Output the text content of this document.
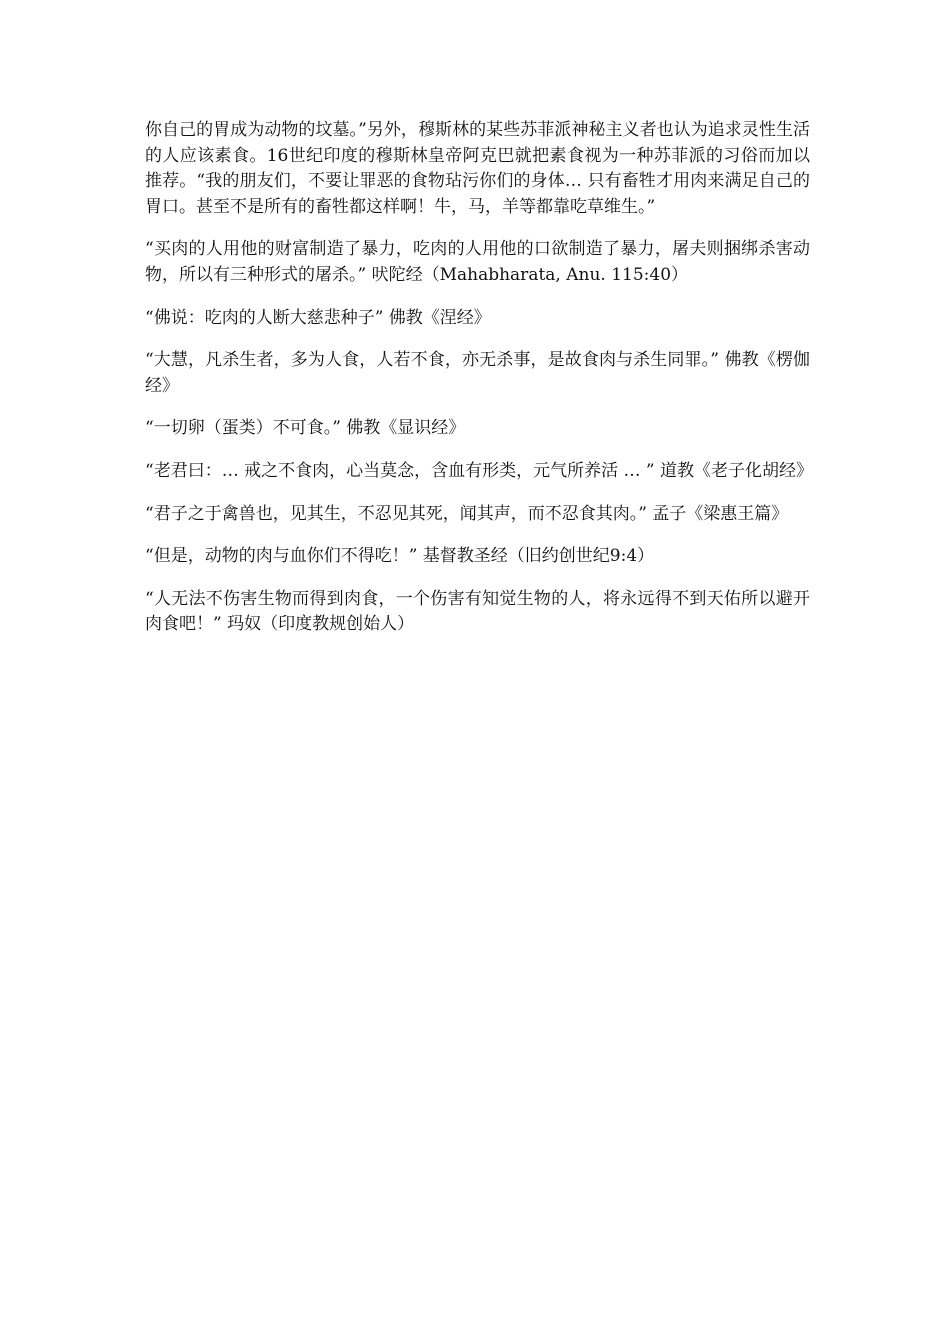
你自己的胃成为动物的坟墓。”另外，穆斯林的某些苏菲派神秘主义者也认为追求灵性生活的人应该素食。16世纪印度的穆斯林皇帝阿克巴就把素食视为一种苏菲派的习俗而加以推荐。“我的朋友们，不要让罪恶的食物玷污你们的身体… 只有畜牲才用肉来满足自己的胃口。甚至不是所有的畜牲都这样啊！牛，马，羊等都靠吃草维生。”

“买肉的人用他的财富制造了暴力，吃肉的人用他的口欲制造了暴力，屠夫则捆绑杀害动物，所以有三种形式的屠杀。” 吠陀经（Mahabharata, Anu. 115:40）

“佛说：吃肉的人断大慈悲种子” 佛教《涅经》

“大慧，凡杀生者，多为人食，人若不食，亦无杀事，是故食肉与杀生同罪。” 佛教《楞伽经》

“一切卵（蛋类）不可食。” 佛教《显识经》

“老君曰：… 戒之不食肉，心当莫念，含血有形类，元气所养活 … ” 道教《老子化胡经》

“君子之于禽兽也，见其生，不忍见其死，闻其声，而不忍食其肉。” 孟子《梁惠王篇》

“但是，动物的肉与血你们不得吃！” 基督教圣经（旧约创世纪9:4）

“人无法不伤害生物而得到肉食，一个伤害有知觉生物的人，将永远得不到天佑所以避开肉食吧！” 玛奴（印度教规创始人）
